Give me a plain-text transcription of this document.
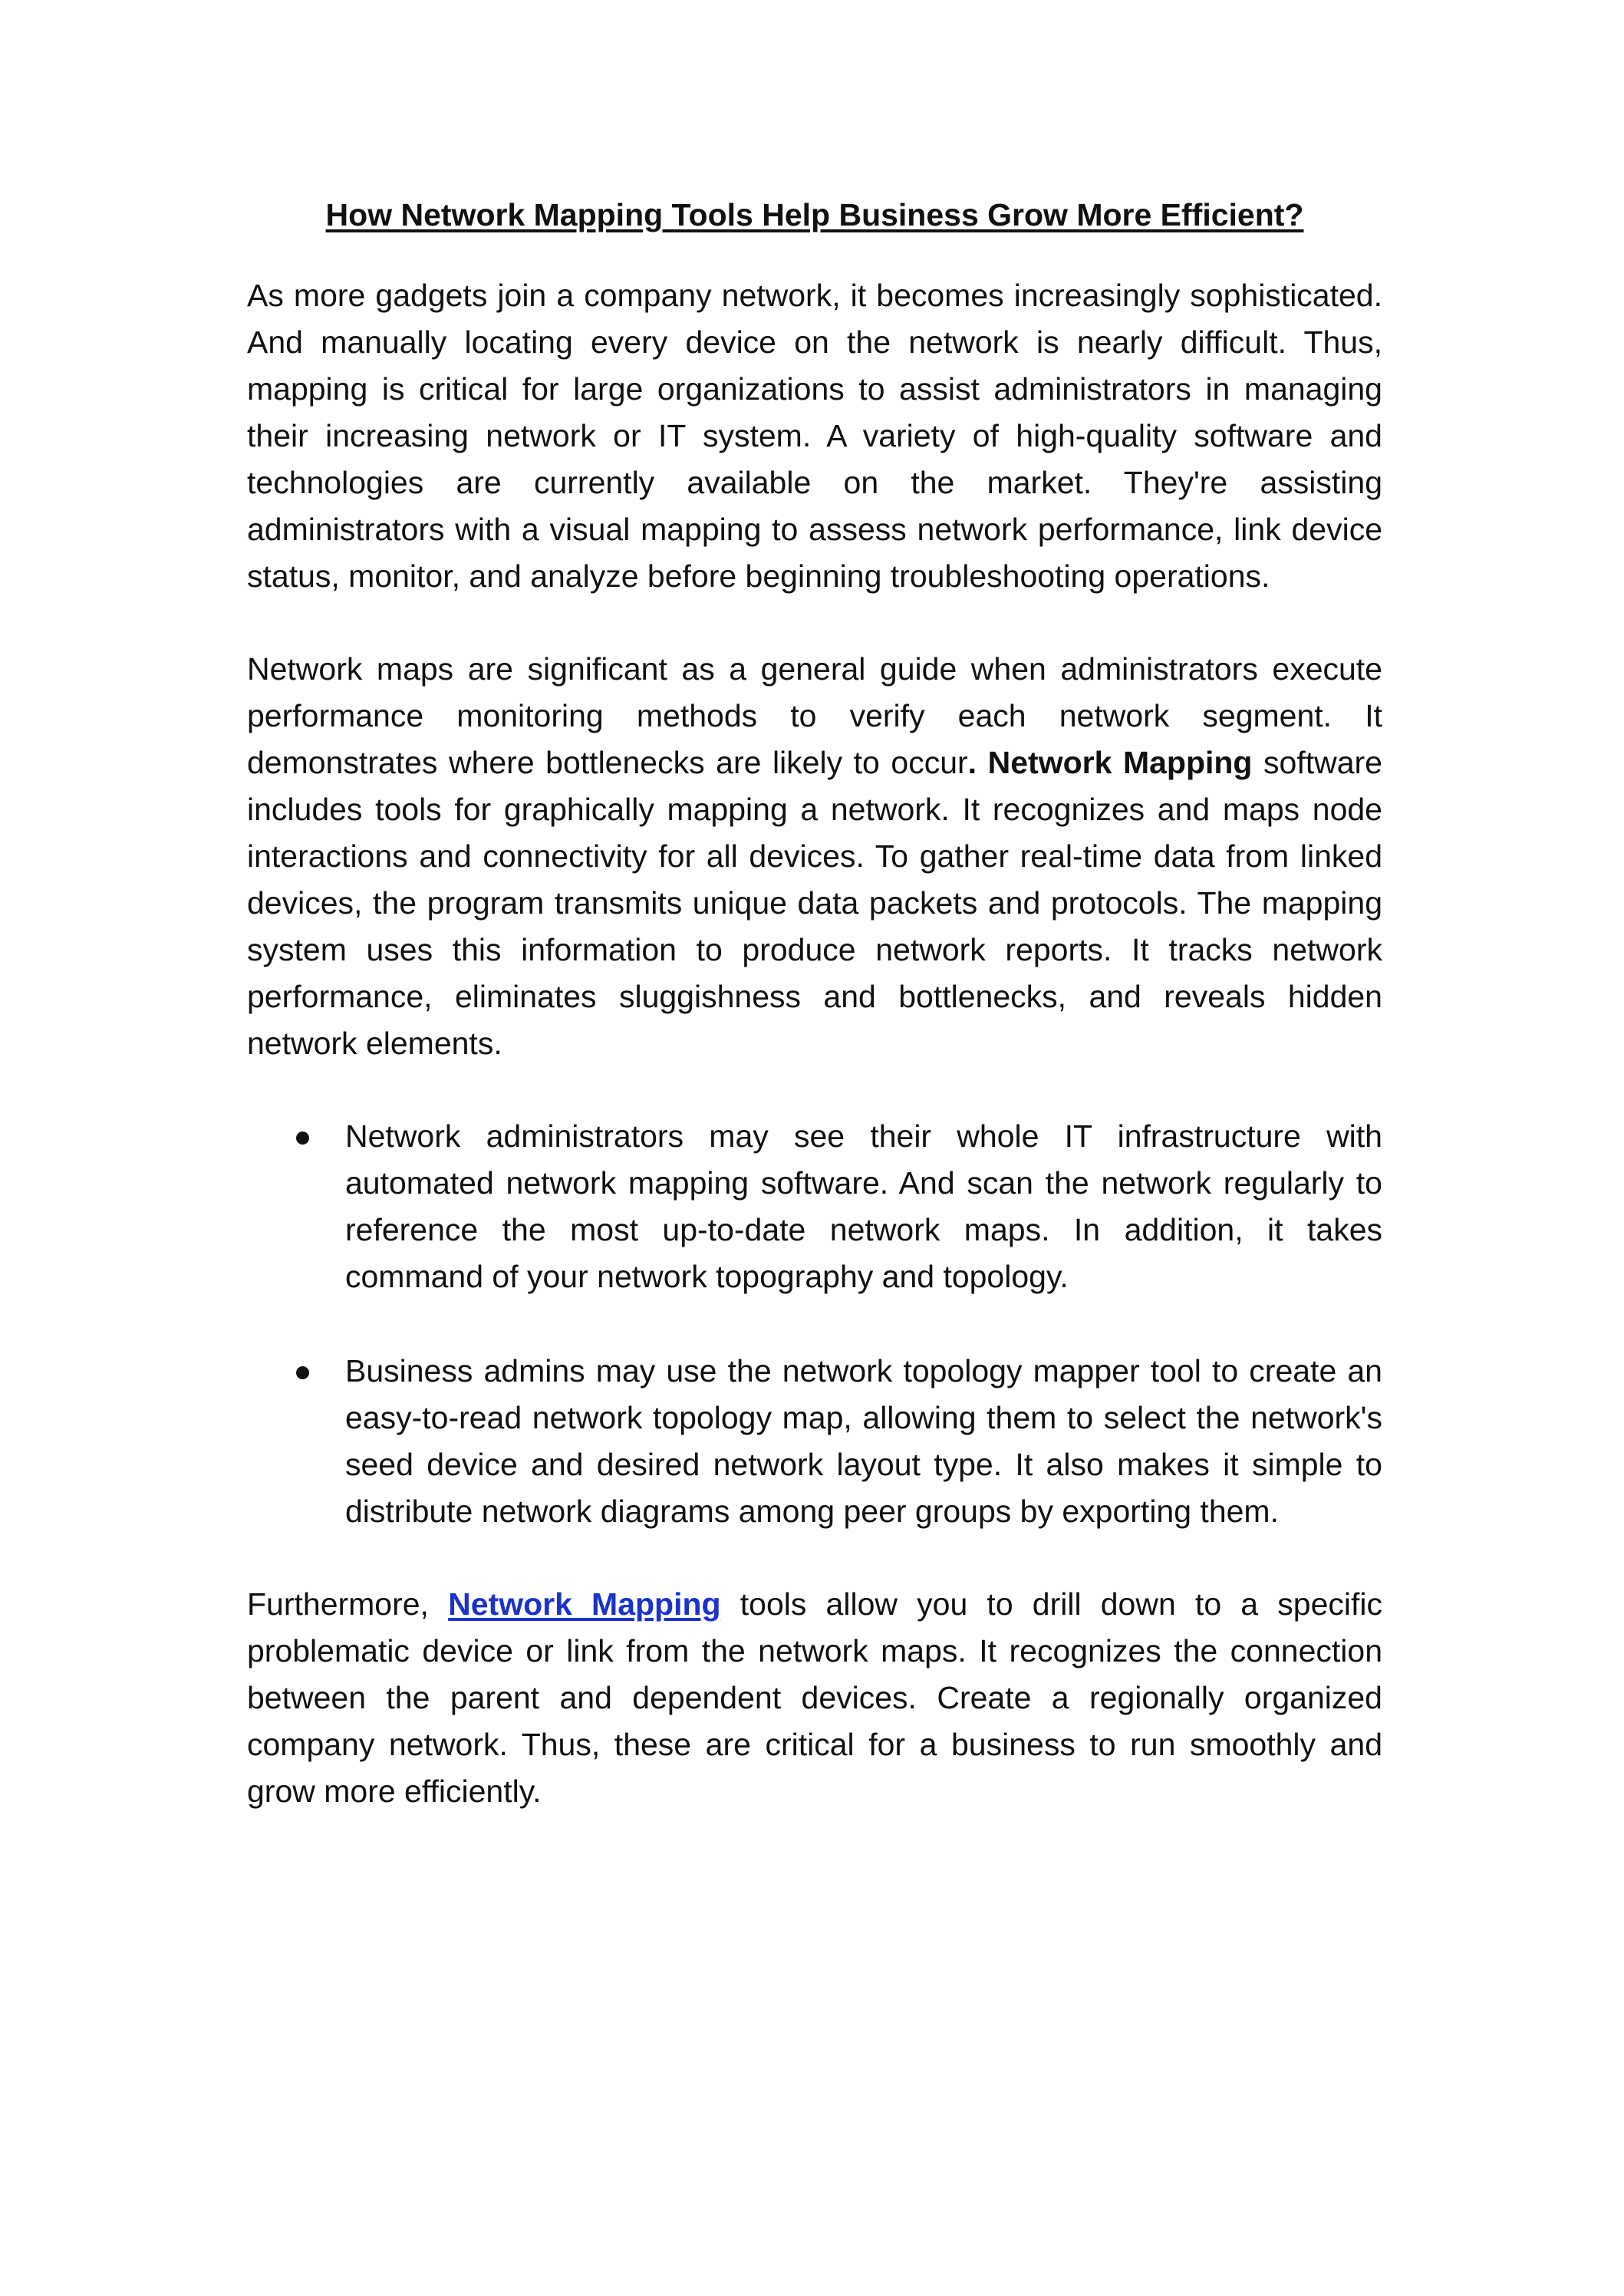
How Network Mapping Tools Help Business Grow More Efficient?

As more gadgets join a company network, it becomes increasingly sophisticated. And manually locating every device on the network is nearly difficult. Thus, mapping is critical for large organizations to assist administrators in managing their increasing network or IT system. A variety of high-quality software and technologies are currently available on the market. They're assisting administrators with a visual mapping to assess network performance, link device status, monitor, and analyze before beginning troubleshooting operations.

Network maps are significant as a general guide when administrators execute performance monitoring methods to verify each network segment. It demonstrates where bottlenecks are likely to occur. Network Mapping software includes tools for graphically mapping a network. It recognizes and maps node interactions and connectivity for all devices. To gather real-time data from linked devices, the program transmits unique data packets and protocols. The mapping system uses this information to produce network reports. It tracks network performance, eliminates sluggishness and bottlenecks, and reveals hidden network elements.

Network administrators may see their whole IT infrastructure with automated network mapping software. And scan the network regularly to reference the most up-to-date network maps. In addition, it takes command of your network topography and topology.
Business admins may use the network topology mapper tool to create an easy-to-read network topology map, allowing them to select the network's seed device and desired network layout type. It also makes it simple to distribute network diagrams among peer groups by exporting them.

Furthermore, Network Mapping tools allow you to drill down to a specific problematic device or link from the network maps. It recognizes the connection between the parent and dependent devices. Create a regionally organized company network. Thus, these are critical for a business to run smoothly and grow more efficiently.
